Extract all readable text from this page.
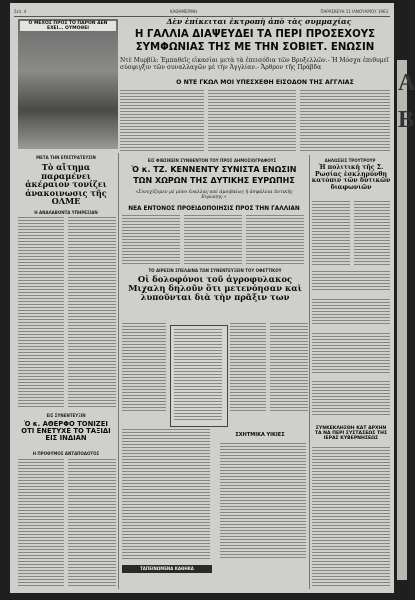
Σελ. 4	ΚΑΘΗΜΕΡΙΝΗ	ΠΑΡΑΣΚΕΥΗ 11 ΙΑΝΟΥΑΡΙΟΥ 1963
Ο ΜΕΧΟΣ ΠΡΟΣ ΤΟ ΠΑΡΟΝ ΔΕΝ ΕΧΕΙ... ΟΥΜΟΘΕΙ
Δὲν ἐπίκειται ἐκτροπὴ ἀπὸ τὰς συμμαχίας
Η ΓΑΛΛΙΑ ΔΙΑΨΕΥΔΕΙ ΤΑ ΠΕΡΙ ΠΡΟΣΕΧΟΥΣ
ΣΥΜΦΩΝΙΑΣ ΤΗΣ ΜΕ ΤΗΝ ΣΟΒΙΕΤ. ΕΝΩΣΙΝ
Ντὲ Μυρβίλ: Ἐμπαθεῖς εἰκασίαι μετὰ τὰ ἐπεισόδια τῶν Βρυξελλῶν.- Ἡ Μόσχα ἐπιθυμεῖ σύσφιγξιν τῶν συναλλαγῶν μὲ τὴν Ἀγγλίαν.- Ἄρθρον τῆς Πράβδα
Ο ΝΤΕ ΓΚΩΛ ΜΟΙ ΥΠΕΣΧΕΘΗ ΕΙΣΟΔΟΝ ΤΗΣ ΑΓΓΛΙΑΣ
ΜΕΤΑ ΤΗΝ ΕΠΙΣΤΡΑΤΕΥΣΙΝ
Τὸ αἴτημα παραμένει ἀκέραιον τονίζει ἀνακοινωσις τῆς ΟΛΜΕ
Η ΑΝΑΛΑΒΟΝΤΑ ΥΠΗΡΕΣΙΑΝ
ΕΙΣ ΦΙΒΣΙΚΕΙΝ ΣΥΝΘΕΝΤΟΝ ΤΟΥ ΠΡΟΣ ΔΗΜΟΣΙΟΓΡΑΦΟΥΣ
Ὁ κ. ΤΖ. ΚΕΝΝΕΝΤΥ ΣΥΝΙΣΤΑ ΕΝΩΣΙΝ
ΤΩΝ ΧΩΡΩΝ ΤΗΣ ΔΥΤΙΚΗΣ ΕΥΡΩΠΗΣ
«Συνεχίζομεν μὲ μόνο ἐναλλας καὶ ἀμοιβαίως ἡ ἀσφάλεια Δυτικῆς Ευρώπης.»
ΝΕΑ ΕΝΤΟΝΟΣ ΠΡΟΕΙΔΟΠΟΙΗΣΙΣ ΠΡΟΣ ΤΗΝ ΓΑΛΛΙΑΝ
ΔΗΛΩΣΕΙΣ ΤΡΟΥΤΡΟΥΡ
Ἡ πολιτικὴ τῆς Σ. Ρωσίας ἐσκληρύνθη κατόπιν τῶν δυτικῶν διαφωνιῶν
ΤΟ ΑΙΡΕΣΙΝ ΣΠΕΛΑΙΝΑ ΤΩΝ ΣΥΝΕΝΤΕΥΞΕΙΝ ΤΟΥ ΟΦΕΤΤΙΚΟΥ
Οἱ δολοφόνοι τοῦ ἀγροφυλακος Μιχαλη δηλοῦν ὅτι μετενόησαν καὶ λυποῦνται διὰ τὴν πρᾶξιν των
ΕΙΣ ΣΥΝΕΝΤΕΥΞΙΝ
Ὁ κ. ΑΘΕΡΦΟ ΤΟΝΙΖΕΙ ΟΤΙ ΕΝΕΤΥΧΕ ΤΟ ΤΑΞΙΔΙ ΕΙΣ ΙΝΔΙΑΝ
Η ΠΡΟΘΥΜΟΣ ΑΝΤΑΠΟΔΟΤΟΣ
ΣΧΗΤΜΙΚΑ ΥΙΚΙΕΣ
ΤΑΠΕΙΝΩΜΕΝΑ ΚΑΘΗΚΑ
ΣΥΝΚΕΚΛΗΣΘΗ ΚΑΤ ΑΡΧΗΝ ΤΑ ΝΔ ΠΕΡΙ ΣΥΣΤΑΣΕΩΣ ΤΗΣ ΙΕΡΑΣ ΚΥΒΕΡΝΗΣΕΩΣ
Α
Β
